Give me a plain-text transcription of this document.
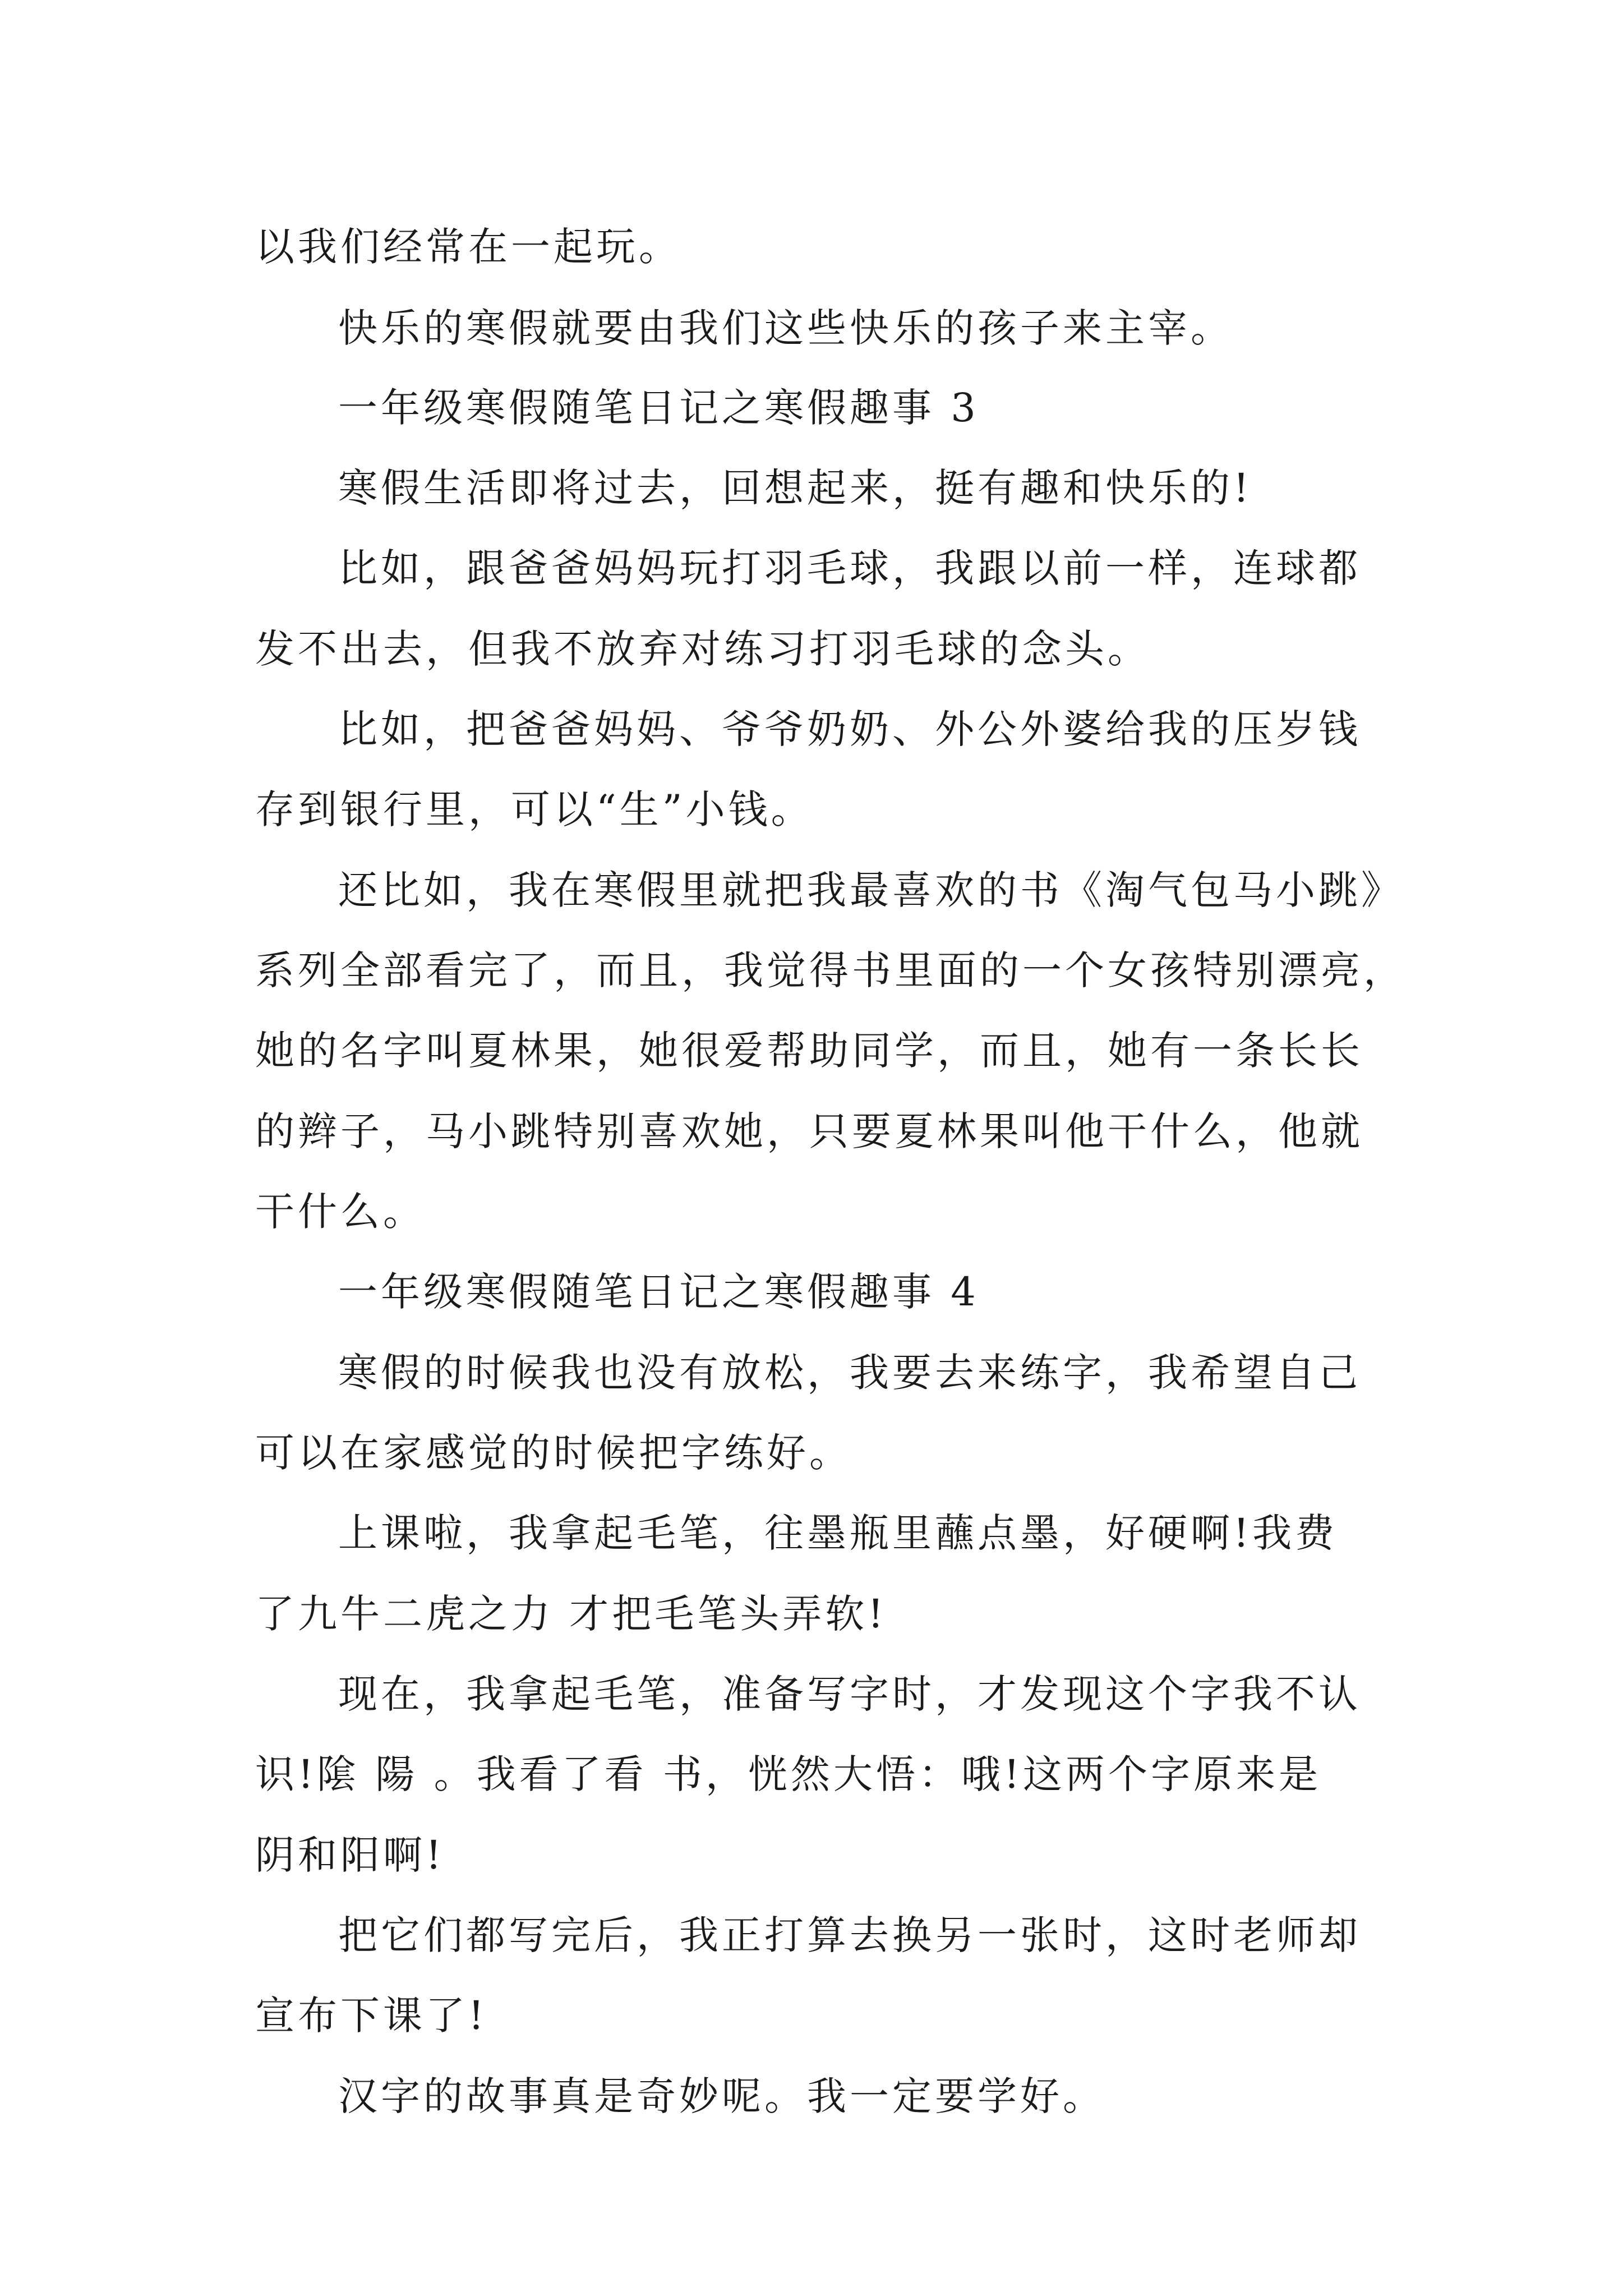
以我们经常在一起玩。
快乐的寒假就要由我们这些快乐的孩子来主宰。
一年级寒假随笔日记之寒假趣事 3
寒假生活即将过去，回想起来，挺有趣和快乐的!
比如，跟爸爸妈妈玩打羽毛球，我跟以前一样，连球都
发不出去，但我不放弃对练习打羽毛球的念头。
比如，把爸爸妈妈、爷爷奶奶、外公外婆给我的压岁钱
存到银行里，可以“生”小钱。
还比如，我在寒假里就把我最喜欢的书《淘气包马小跳》
系列全部看完了，而且，我觉得书里面的一个女孩特别漂亮，
她的名字叫夏林果，她很爱帮助同学，而且，她有一条长长
的辫子，马小跳特别喜欢她，只要夏林果叫他干什么，他就
干什么。
一年级寒假随笔日记之寒假趣事 4
寒假的时候我也没有放松，我要去来练字，我希望自己
可以在家感觉的时候把字练好。
上课啦，我拿起毛笔，往墨瓶里蘸点墨，好硬啊!我费
了九牛二虎之力 才把毛笔头弄软!
现在，我拿起毛笔，准备写字时，才发现这个字我不认
识!隂 陽 。我看了看 书，恍然大悟：哦!这两个字原来是
阴和阳啊!
把它们都写完后，我正打算去换另一张时，这时老师却
宣布下课了!
汉字的故事真是奇妙呢。我一定要学好。
